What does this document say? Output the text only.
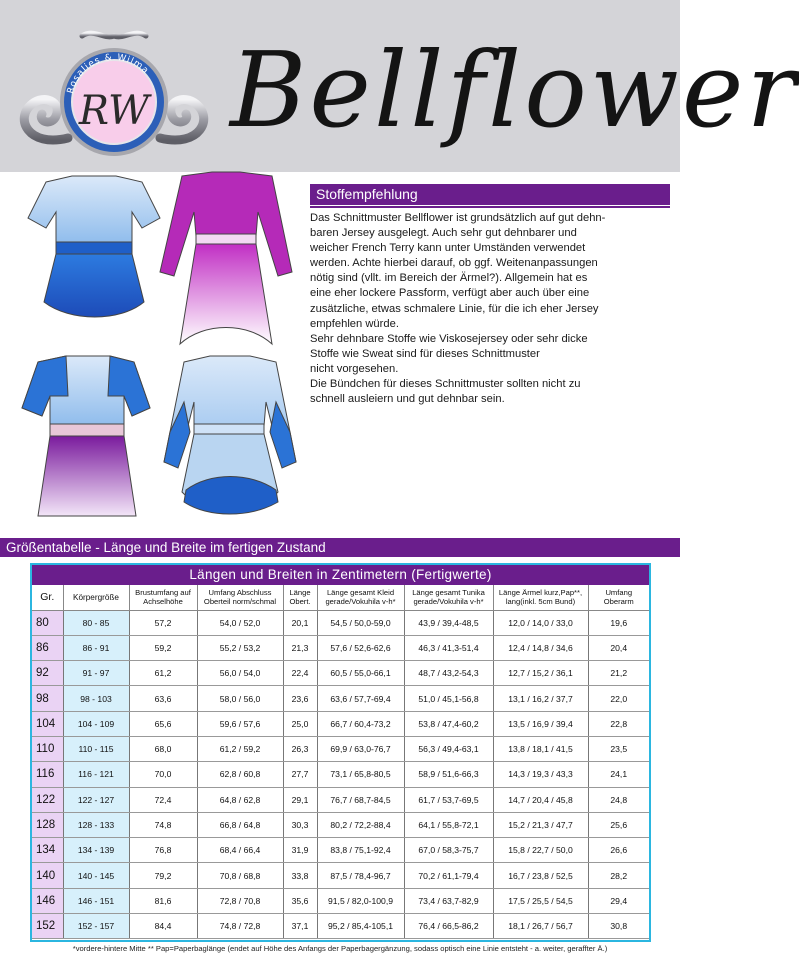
Rosalies & Wilma
RW Bellflower
Stoffempfehlung

Das Schnittmuster Bellflower ist grundsätzlich auf gut dehn-

baren Jersey ausgelegt. Auch sehr gut dehnbarer und

weicher French Terry kann unter Umständen verwendet

werden. Achte hierbei darauf, ob ggf. Weitenanpassungen

nötig sind (vllt. im Bereich der Ärmel?). Allgemein hat es

eine eher lockere Passform, verfügt aber auch über eine

zusätzliche, etwas schmalere Linie, für die ich eher Jersey

empfehlen würde.

Sehr dehnbare Stoffe wie Viskosejersey oder sehr dicke

Stoffe wie Sweat sind für dieses Schnittmuster

nicht vorgesehen.

Die Bündchen für dieses Schnittmuster sollten nicht zu

schnell ausleiern und gut dehnbar sein.

Größentabelle - Länge und Breite im fertigen Zustand
Längen und Breiten in Zentimetern (Fertigwerte)
Gr.	Körpergröße	Brustumfang auf Achselhöhe	Umfang Abschluss Oberteil norm/schmal	Länge Obert.	Länge gesamt Kleid gerade/Vokuhila v-h*	Länge gesamt Tunika gerade/Vokuhila v-h*	Länge Ärmel kurz,Pap**, lang(inkl. 5cm Bund)	Umfang Oberarm
80	80 - 85	57,2	54,0 / 52,0	20,1	54,5 / 50,0-59,0	43,9 / 39,4-48,5	12,0 / 14,0 / 33,0	19,6
86	86 - 91	59,2	55,2 / 53,2	21,3	57,6 / 52,6-62,6	46,3 / 41,3-51,4	12,4 / 14,8 / 34,6	20,4
92	91 - 97	61,2	56,0 / 54,0	22,4	60,5 / 55,0-66,1	48,7 / 43,2-54,3	12,7 / 15,2 / 36,1	21,2
98	98 - 103	63,6	58,0 / 56,0	23,6	63,6 / 57,7-69,4	51,0 / 45,1-56,8	13,1 / 16,2 / 37,7	22,0
104	104 - 109	65,6	59,6 / 57,6	25,0	66,7 / 60,4-73,2	53,8 / 47,4-60,2	13,5 / 16,9 / 39,4	22,8
110	110 - 115	68,0	61,2 / 59,2	26,3	69,9 / 63,0-76,7	56,3 / 49,4-63,1	13,8 / 18,1 / 41,5	23,5
116	116 - 121	70,0	62,8 / 60,8	27,7	73,1 / 65,8-80,5	58,9 / 51,6-66,3	14,3 / 19,3 / 43,3	24,1
122	122 - 127	72,4	64,8 / 62,8	29,1	76,7 / 68,7-84,5	61,7 / 53,7-69,5	14,7 / 20,4 / 45,8	24,8
128	128 - 133	74,8	66,8 / 64,8	30,3	80,2 / 72,2-88,4	64,1 / 55,8-72,1	15,2 / 21,3 / 47,7	25,6
134	134 - 139	76,8	68,4 / 66,4	31,9	83,8 / 75,1-92,4	67,0 / 58,3-75,7	15,8 / 22,7 / 50,0	26,6
140	140 - 145	79,2	70,8 / 68,8	33,8	87,5 / 78,4-96,7	70,2 / 61,1-79,4	16,7 / 23,8 / 52,5	28,2
146	146 - 151	81,6	72,8 / 70,8	35,6	91,5 / 82,0-100,9	73,4 / 63,7-82,9	17,5 / 25,5 / 54,5	29,4
152	152 - 157	84,4	74,8 / 72,8	37,1	95,2 / 85,4-105,1	76,4 / 66,5-86,2	18,1 / 26,7 / 56,7	30,8
*vordere-hintere Mitte ** Pap=Paperbaglänge (endet auf Höhe des Anfangs der Paperbagergänzung, sodass optisch eine Linie entsteht - a. weiter, geraffter Ä.)
